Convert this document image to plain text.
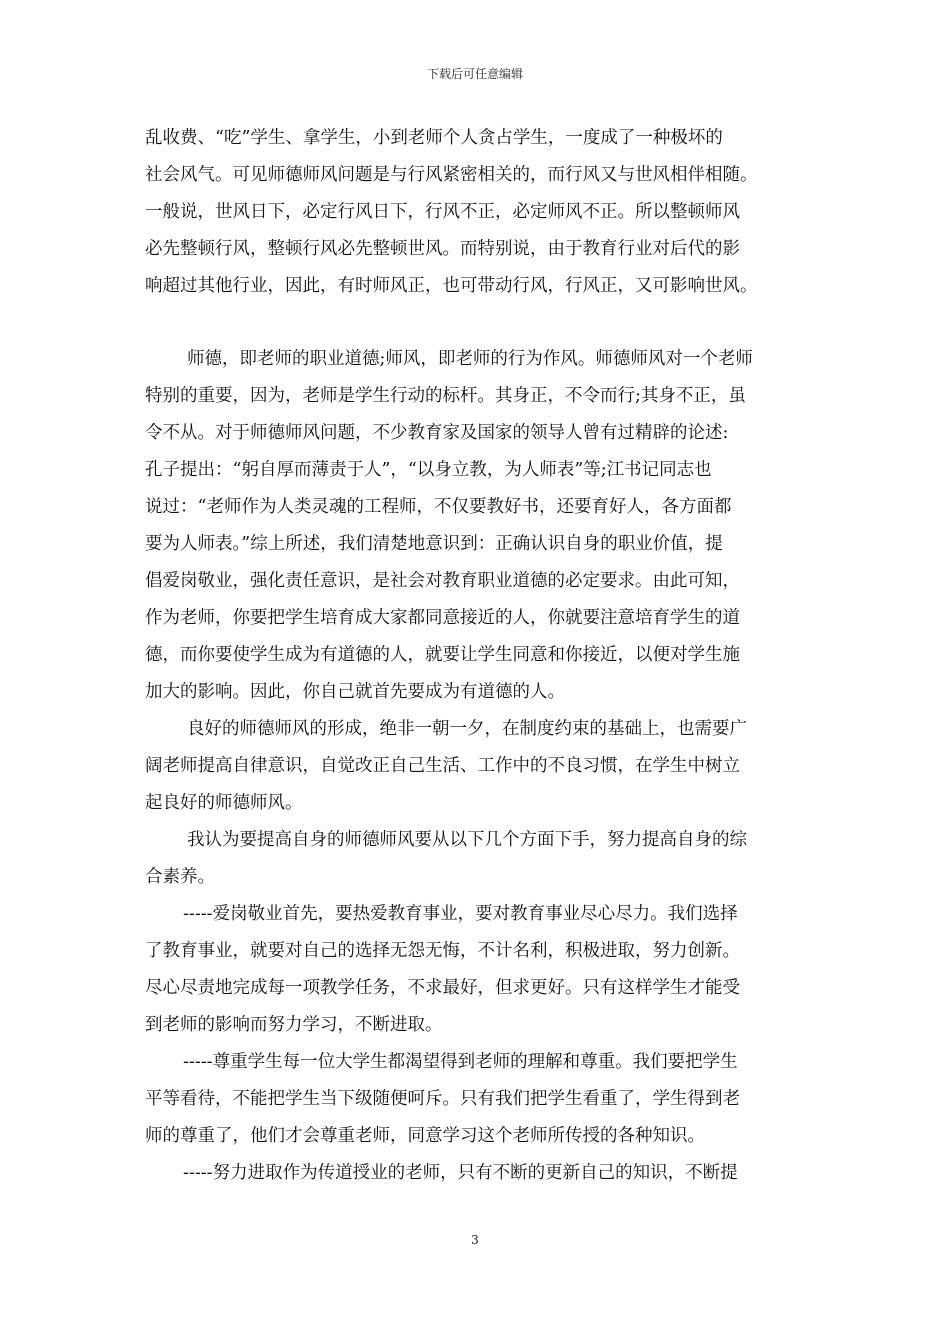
下载后可任意编辑
乱收费、“吃”学生、拿学生，小到老师个人贪占学生，一度成了一种极坏的
社会风气。可见师德师风问题是与行风紧密相关的，而行风又与世风相伴相随。
一般说，世风日下，必定行风日下，行风不正，必定师风不正。所以整顿师风
必先整顿行风，整顿行风必先整顿世风。而特别说，由于教育行业对后代的影
响超过其他行业，因此，有时师风正，也可带动行风，行风正，又可影响世风。
师德，即老师的职业道德;师风，即老师的行为作风。师德师风对一个老师
特别的重要，因为，老师是学生行动的标杆。其身正，不令而行;其身不正，虽
令不从。对于师德师风问题，不少教育家及国家的领导人曾有过精辟的论述:
孔子提出：“躬自厚而薄责于人”，“以身立教，为人师表”等;江书记同志也
说过：“老师作为人类灵魂的工程师，不仅要教好书，还要育好人，各方面都
要为人师表。”综上所述，我们清楚地意识到：正确认识自身的职业价值，提
倡爱岗敬业，强化责任意识，是社会对教育职业道德的必定要求。由此可知，
作为老师，你要把学生培育成大家都同意接近的人，你就要注意培育学生的道
德，而你要使学生成为有道德的人，就要让学生同意和你接近，以便对学生施
加大的影响。因此，你自己就首先要成为有道德的人。
良好的师德师风的形成，绝非一朝一夕，在制度约束的基础上，也需要广
阔老师提高自律意识，自觉改正自己生活、工作中的不良习惯，在学生中树立
起良好的师德师风。
我认为要提高自身的师德师风要从以下几个方面下手，努力提高自身的综
合素养。
-----爱岗敬业首先，要热爱教育事业，要对教育事业尽心尽力。我们选择
了教育事业，就要对自己的选择无怨无悔，不计名利，积极进取，努力创新。
尽心尽责地完成每一项教学任务，不求最好，但求更好。只有这样学生才能受
到老师的影响而努力学习，不断进取。
-----尊重学生每一位大学生都渴望得到老师的理解和尊重。我们要把学生
平等看待，不能把学生当下级随便呵斥。只有我们把学生看重了，学生得到老
师的尊重了，他们才会尊重老师，同意学习这个老师所传授的各种知识。
-----努力进取作为传道授业的老师，只有不断的更新自己的知识，不断提
3
